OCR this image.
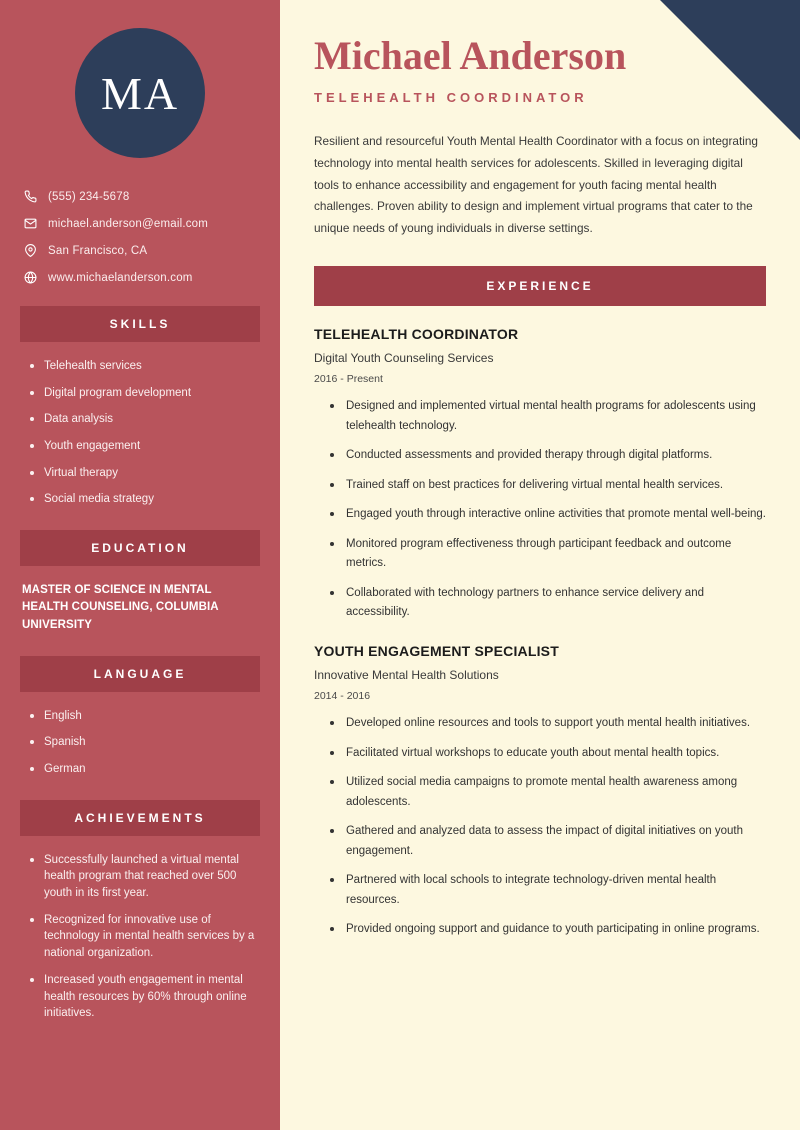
MA
(555) 234-5678
michael.anderson@email.com
San Francisco, CA
www.michaelanderson.com
SKILLS
Telehealth services
Digital program development
Data analysis
Youth engagement
Virtual therapy
Social media strategy
EDUCATION
MASTER OF SCIENCE IN MENTAL HEALTH COUNSELING, COLUMBIA UNIVERSITY
LANGUAGE
English
Spanish
German
ACHIEVEMENTS
Successfully launched a virtual mental health program that reached over 500 youth in its first year.
Recognized for innovative use of technology in mental health services by a national organization.
Increased youth engagement in mental health resources by 60% through online initiatives.
Michael Anderson
TELEHEALTH COORDINATOR

Resilient and resourceful Youth Mental Health Coordinator with a focus on integrating technology into mental health services for adolescents. Skilled in leveraging digital tools to enhance accessibility and engagement for youth facing mental health challenges. Proven ability to design and implement virtual programs that cater to the unique needs of young individuals in diverse settings.

EXPERIENCE
TELEHEALTH COORDINATOR
Digital Youth Counseling Services
2016 - Present
Designed and implemented virtual mental health programs for adolescents using telehealth technology.
Conducted assessments and provided therapy through digital platforms.
Trained staff on best practices for delivering virtual mental health services.
Engaged youth through interactive online activities that promote mental well-being.
Monitored program effectiveness through participant feedback and outcome metrics.
Collaborated with technology partners to enhance service delivery and accessibility.
YOUTH ENGAGEMENT SPECIALIST
Innovative Mental Health Solutions
2014 - 2016
Developed online resources and tools to support youth mental health initiatives.
Facilitated virtual workshops to educate youth about mental health topics.
Utilized social media campaigns to promote mental health awareness among adolescents.
Gathered and analyzed data to assess the impact of digital initiatives on youth engagement.
Partnered with local schools to integrate technology-driven mental health resources.
Provided ongoing support and guidance to youth participating in online programs.
